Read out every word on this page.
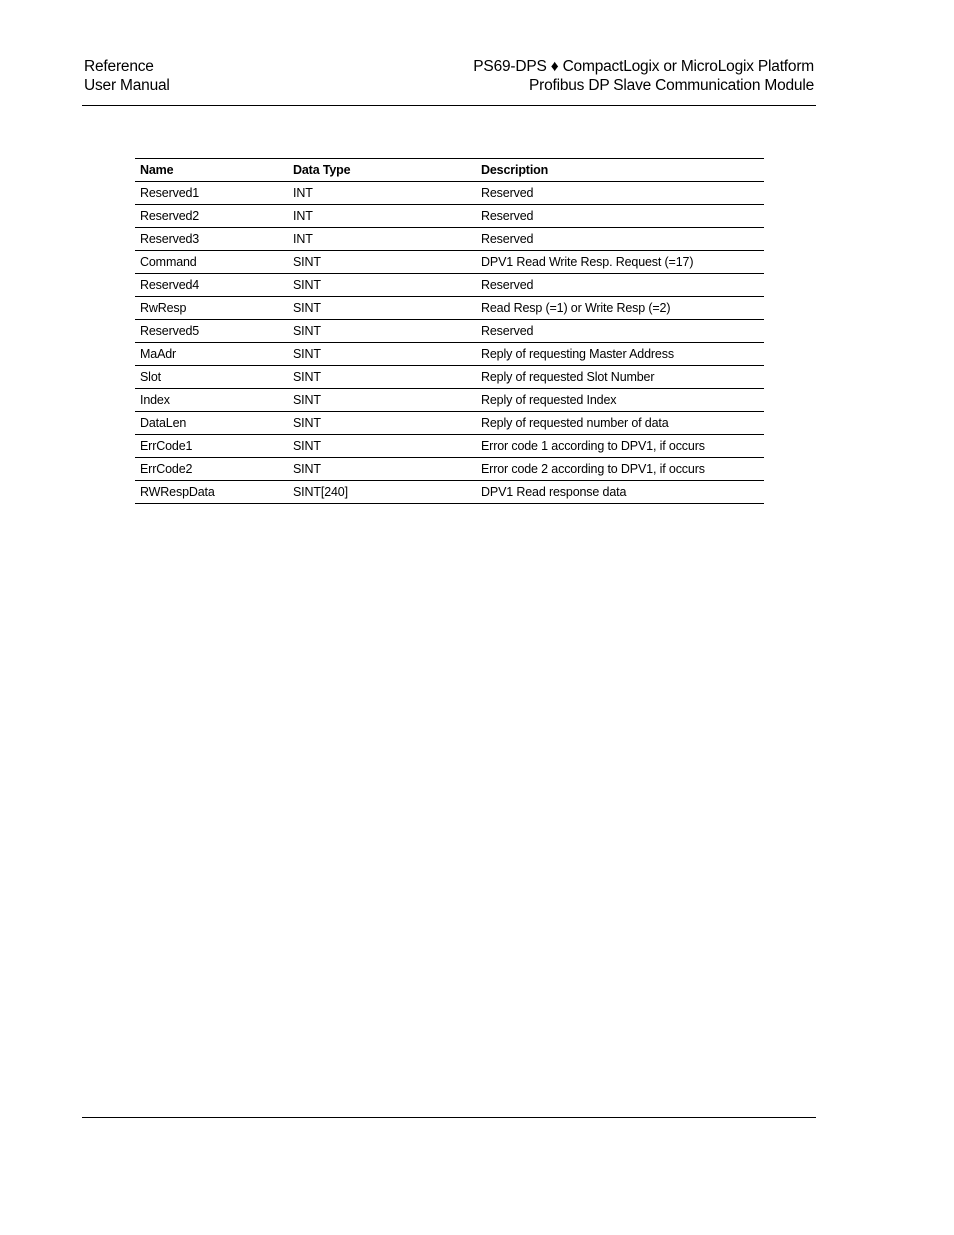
Reference
User Manual
PS69-DPS ♦ CompactLogix or MicroLogix Platform
Profibus DP Slave Communication Module
Name	Data Type	Description
Reserved1	INT	Reserved
Reserved2	INT	Reserved
Reserved3	INT	Reserved
Command	SINT	DPV1 Read Write Resp. Request (=17)
Reserved4	SINT	Reserved
RwResp	SINT	Read Resp (=1) or Write Resp (=2)
Reserved5	SINT	Reserved
MaAdr	SINT	Reply of requesting Master Address
Slot	SINT	Reply of requested Slot Number
Index	SINT	Reply of requested Index
DataLen	SINT	Reply of requested number of data
ErrCode1	SINT	Error code 1 according to DPV1, if occurs
ErrCode2	SINT	Error code 2 according to DPV1, if occurs
RWRespData	SINT[240]	DPV1 Read response data
